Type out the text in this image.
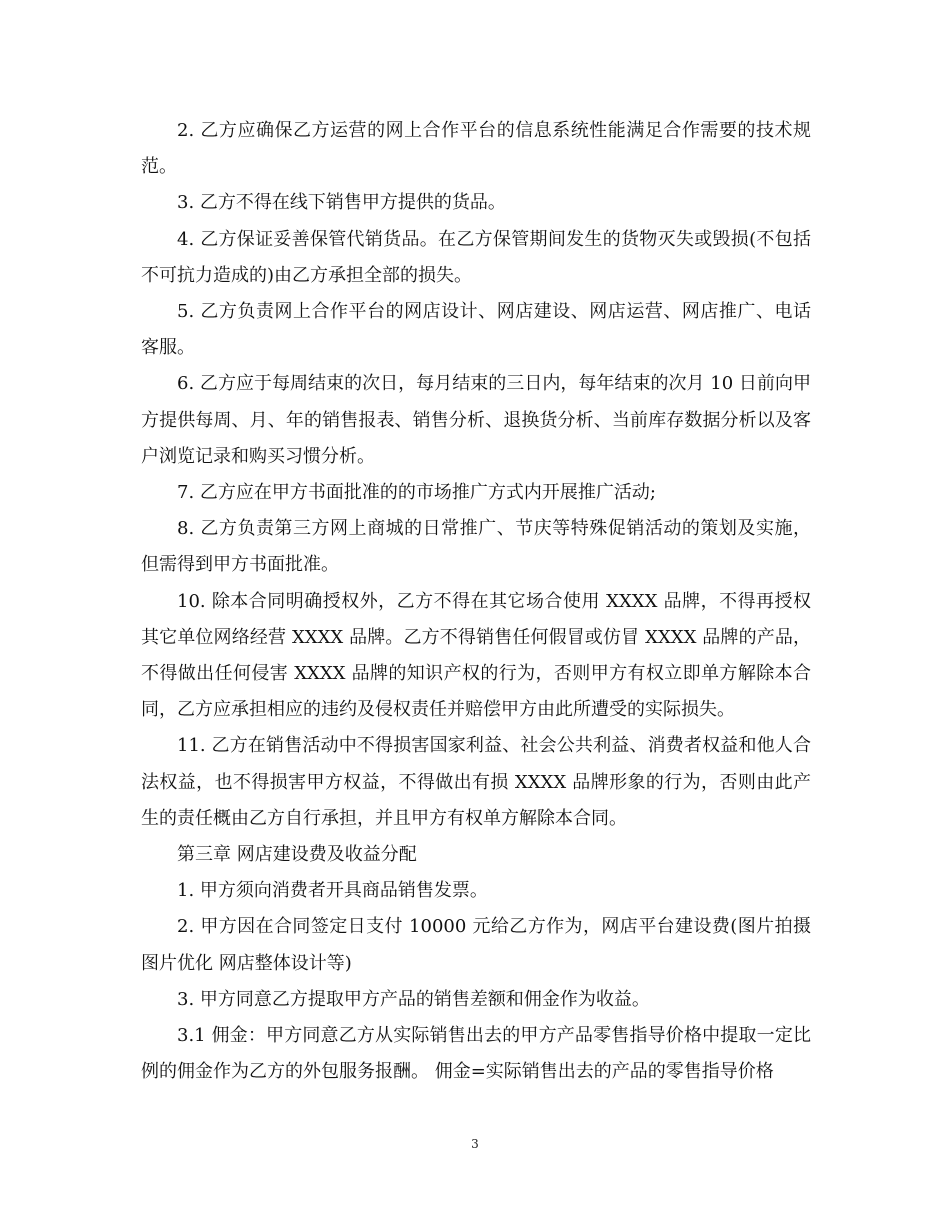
2. 乙方应确保乙方运营的网上合作平台的信息系统性能满足合作需要的技术规范。

3. 乙方不得在线下销售甲方提供的货品。

4. 乙方保证妥善保管代销货品。在乙方保管期间发生的货物灭失或毁损(不包括不可抗力造成的)由乙方承担全部的损失。

5. 乙方负责网上合作平台的网店设计、网店建设、网店运营、网店推广、电话客服。

6. 乙方应于每周结束的次日，每月结束的三日内，每年结束的次月 10 日前向甲方提供每周、月、年的销售报表、销售分析、退换货分析、当前库存数据分析以及客户浏览记录和购买习惯分析。

7. 乙方应在甲方书面批准的的市场推广方式内开展推广活动;

8. 乙方负责第三方网上商城的日常推广、节庆等特殊促销活动的策划及实施，但需得到甲方书面批准。

10. 除本合同明确授权外，乙方不得在其它场合使用 XXXX 品牌，不得再授权其它单位网络经营 XXXX 品牌。乙方不得销售任何假冒或仿冒 XXXX 品牌的产品，不得做出任何侵害 XXXX 品牌的知识产权的行为，否则甲方有权立即单方解除本合同，乙方应承担相应的违约及侵权责任并赔偿甲方由此所遭受的实际损失。

11. 乙方在销售活动中不得损害国家利益、社会公共利益、消费者权益和他人合法权益，也不得损害甲方权益，不得做出有损 XXXX 品牌形象的行为，否则由此产生的责任概由乙方自行承担，并且甲方有权单方解除本合同。

第三章 网店建设费及收益分配

1. 甲方须向消费者开具商品销售发票。

2. 甲方因在合同签定日支付 10000 元给乙方作为，网店平台建设费(图片拍摄图片优化 网店整体设计等)

3. 甲方同意乙方提取甲方产品的销售差额和佣金作为收益。

3.1 佣金：甲方同意乙方从实际销售出去的甲方产品零售指导价格中提取一定比例的佣金作为乙方的外包服务报酬。 佣金=实际销售出去的产品的零售指导价格

3
